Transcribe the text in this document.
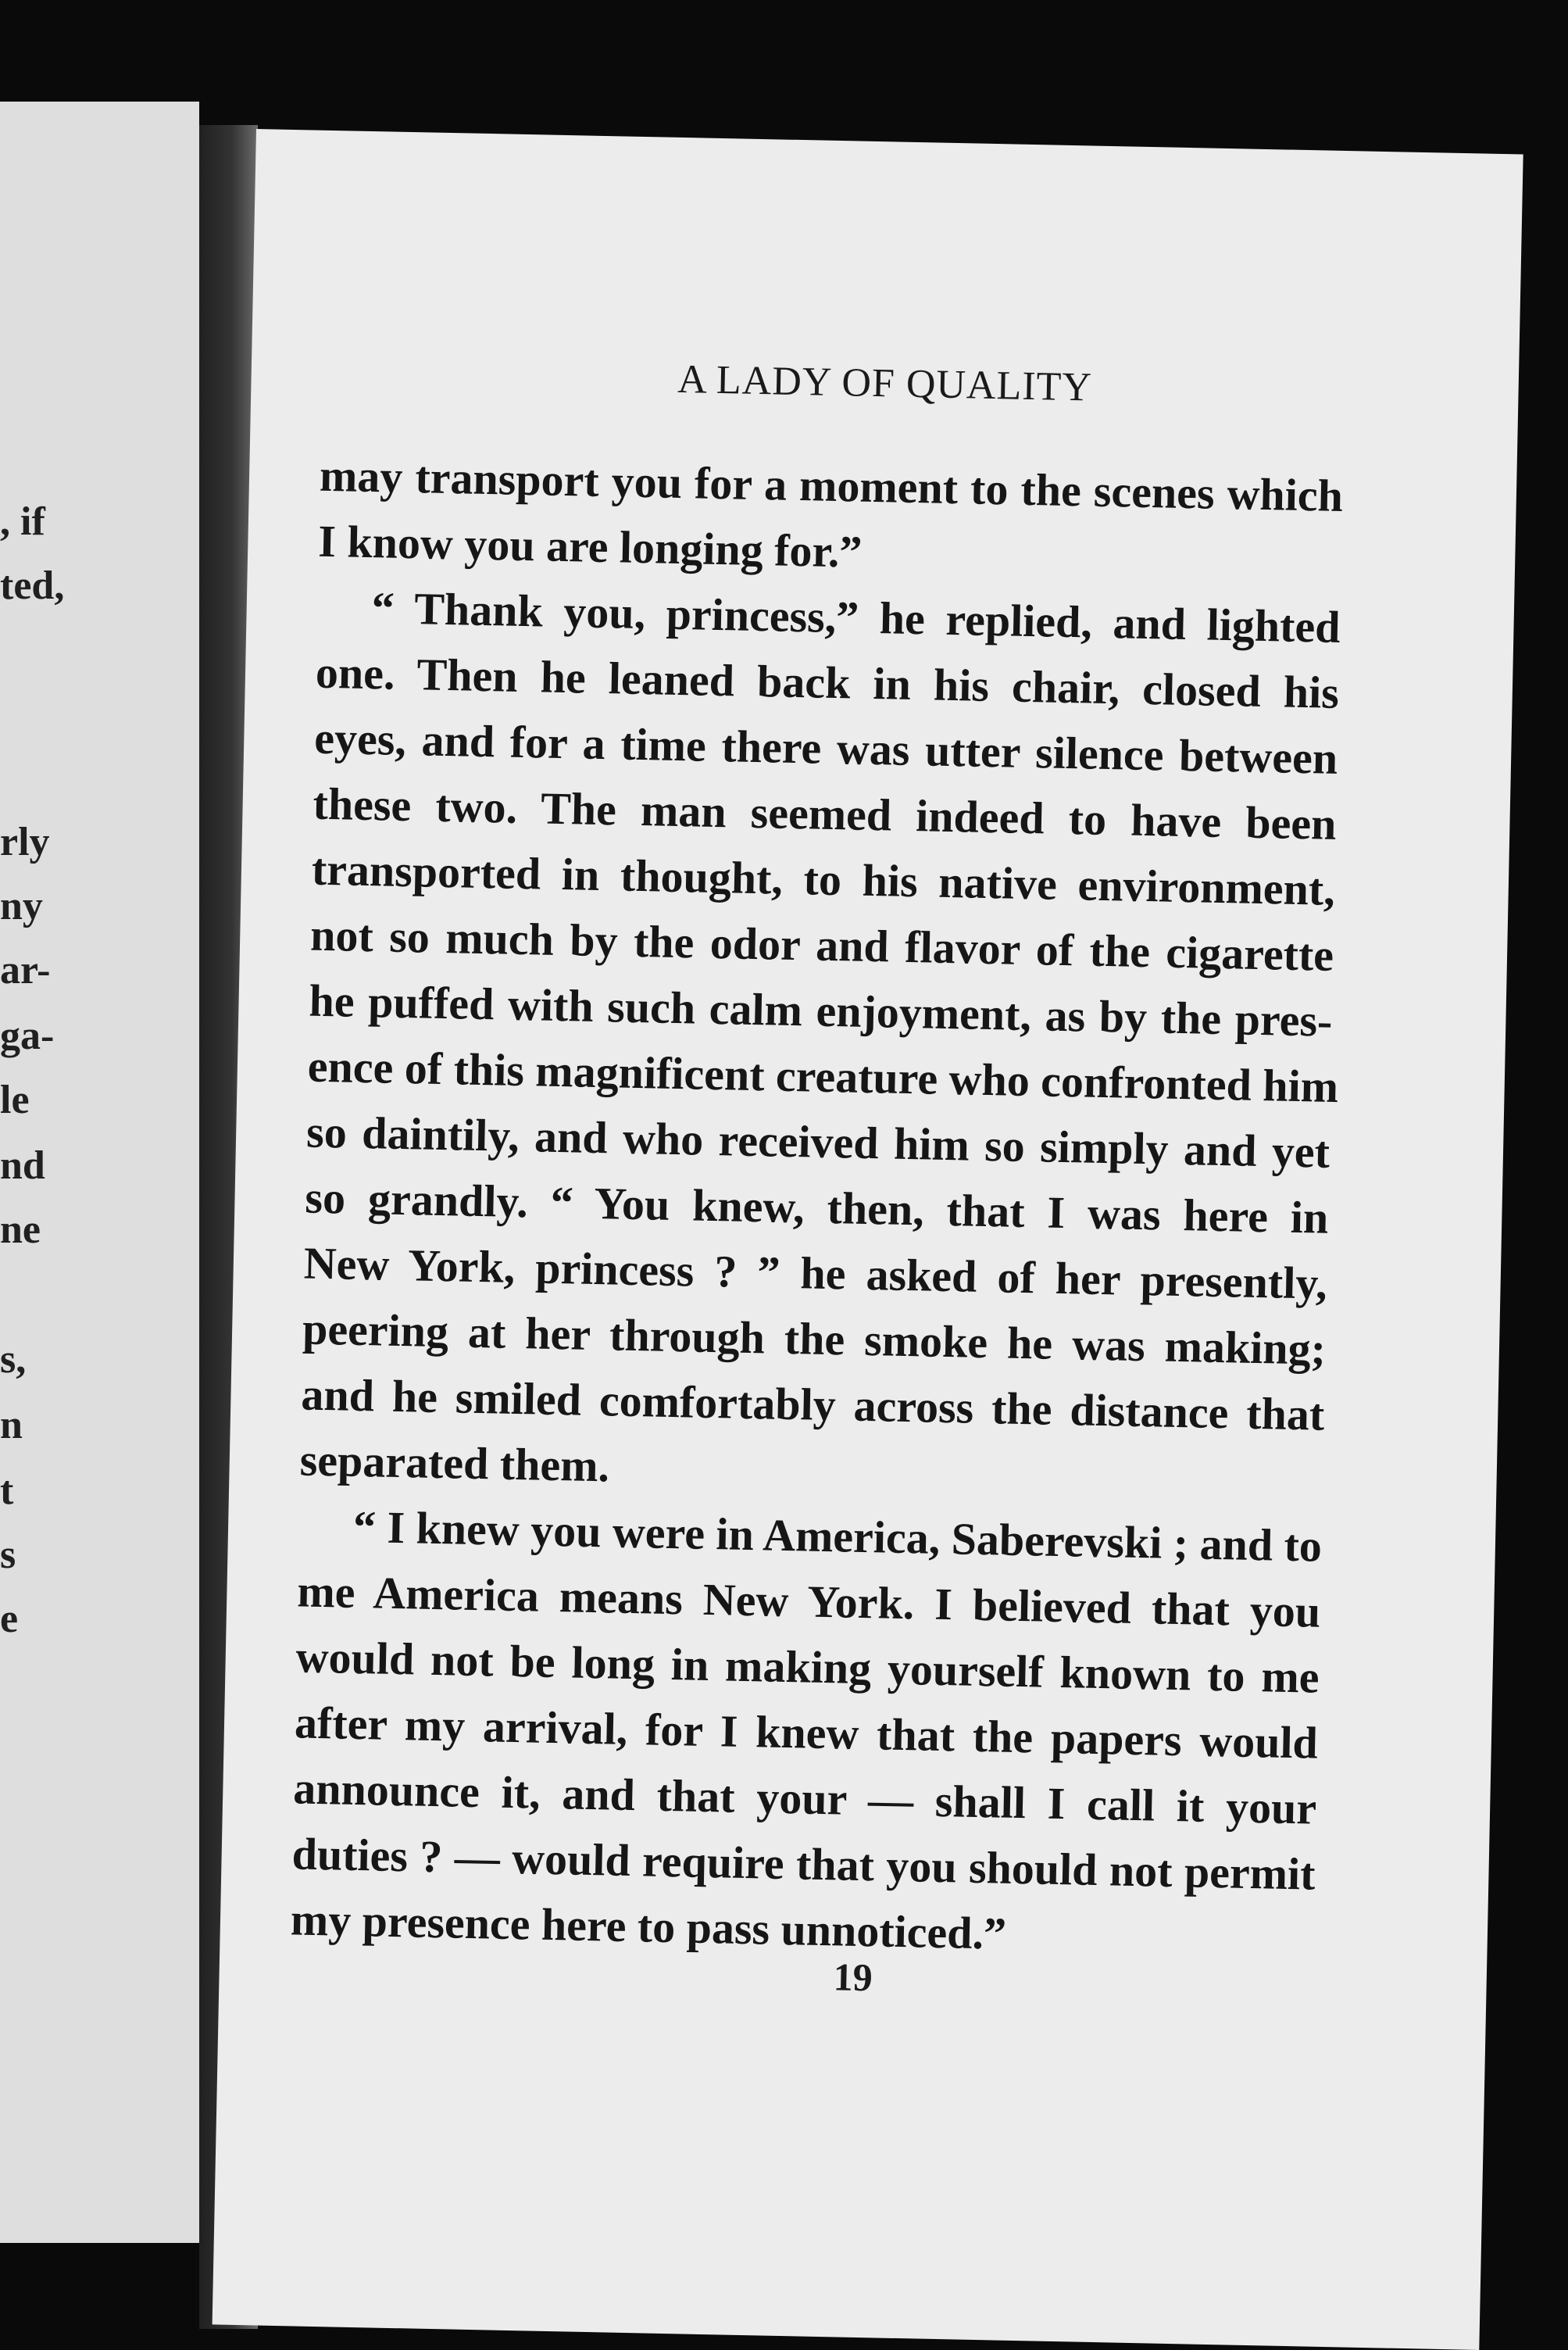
, if
ted,
rly
ny
ar-
ga-
le
nd
ne
s,
n
t
s
e
A LADY OF QUALITY
may transport you for a moment to the scenes which
I know you are longing for.”
“ Thank you, princess,” he replied, and lighted
one. Then he leaned back in his chair, closed his
eyes, and for a time there was utter silence between
these two. The man seemed indeed to have been
transported in thought, to his native environment,
not so much by the odor and flavor of the cigarette
he puffed with such calm enjoyment, as by the pres-
ence of this magnificent creature who confronted him
so daintily, and who received him so simply and yet
so grandly. “ You knew, then, that I was here in
New York, princess ? ” he asked of her presently,
peering at her through the smoke he was making;
and he smiled comfortably across the distance that
separated them.
“ I knew you were in America, Saberevski ; and to
me America means New York. I believed that you
would not be long in making yourself known to me
after my arrival, for I knew that the papers would
announce it, and that your — shall I call it your
duties ? — would require that you should not permit
my presence here to pass unnoticed.”
19
